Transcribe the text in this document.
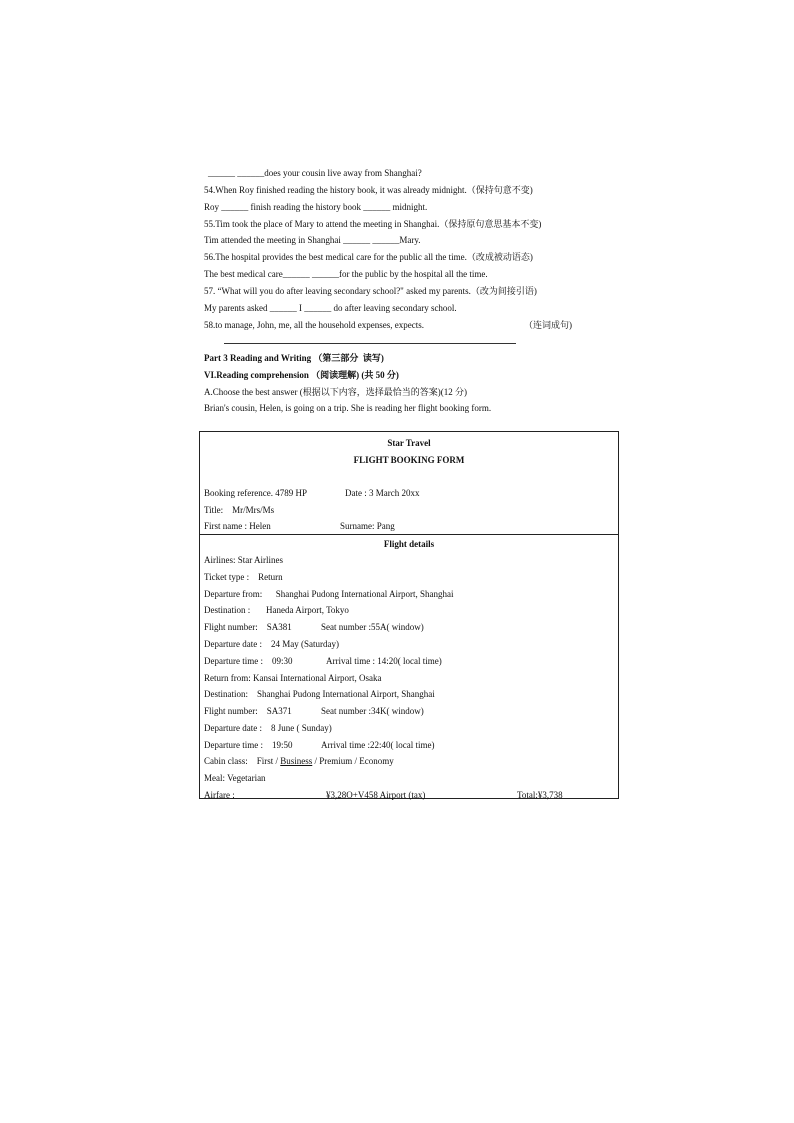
______ ______does your cousin live away from Shanghai?
54.When Roy finished reading the history book, it was already midnight.（保持句意不变)
Roy ______ finish reading the history book ______ midnight.
55.Tim took the place of Mary to attend the meeting in Shanghai.（保持原句意思基本不变)
Tim attended the meeting in Shanghai ______ ______Mary.
56.The hospital provides the best medical care for the public all the time.（改成被动语态)
The best medical care______ ______for the public by the hospital all the time.
57. “What will you do after leaving secondary school?" asked my parents.（改为间接引语)
My parents asked ______ I ______ do after leaving secondary school.
58.to manage, John, me, all the household expenses, expects.	（连词成句)
Part 3 Reading and Writing （第三部分  读写)
VI.Reading comprehension （阅读理解) (共 50 分)
A.Choose the best answer (根据以下内容，选择最恰当的答案)(12 分)
Brian's cousin, Helen, is going on a trip. She is reading her flight booking form.
Star Travel
FLIGHT BOOKING FORM
Booking reference. 4789 HP	Date : 3 March 20xx
Title:    Mr/Mrs/Ms
First name : Helen	Surname: Pang
Flight details
Airlines: Star Airlines
Ticket type :    Return
Departure from:      Shanghai Pudong International Airport, Shanghai
Destination :       Haneda Airport, Tokyo
Flight number:    SA381	Seat number :55A( window)
Departure date :    24 May (Saturday)
Departure time :    09:30	Arrival time : 14:20( local time)
Return from: Kansai International Airport, Osaka
Destination:    Shanghai Pudong International Airport, Shanghai
Flight number:    SA371	Seat number :34K( window)
Departure date :    8 June ( Sunday)
Departure time :    19:50	Arrival time :22:40( local time)
Cabin class:    First / Business / Premium / Economy
Meal: Vegetarian
Airfare :	¥3,28O+V458 Airport (tax)	Total:¥3,738
